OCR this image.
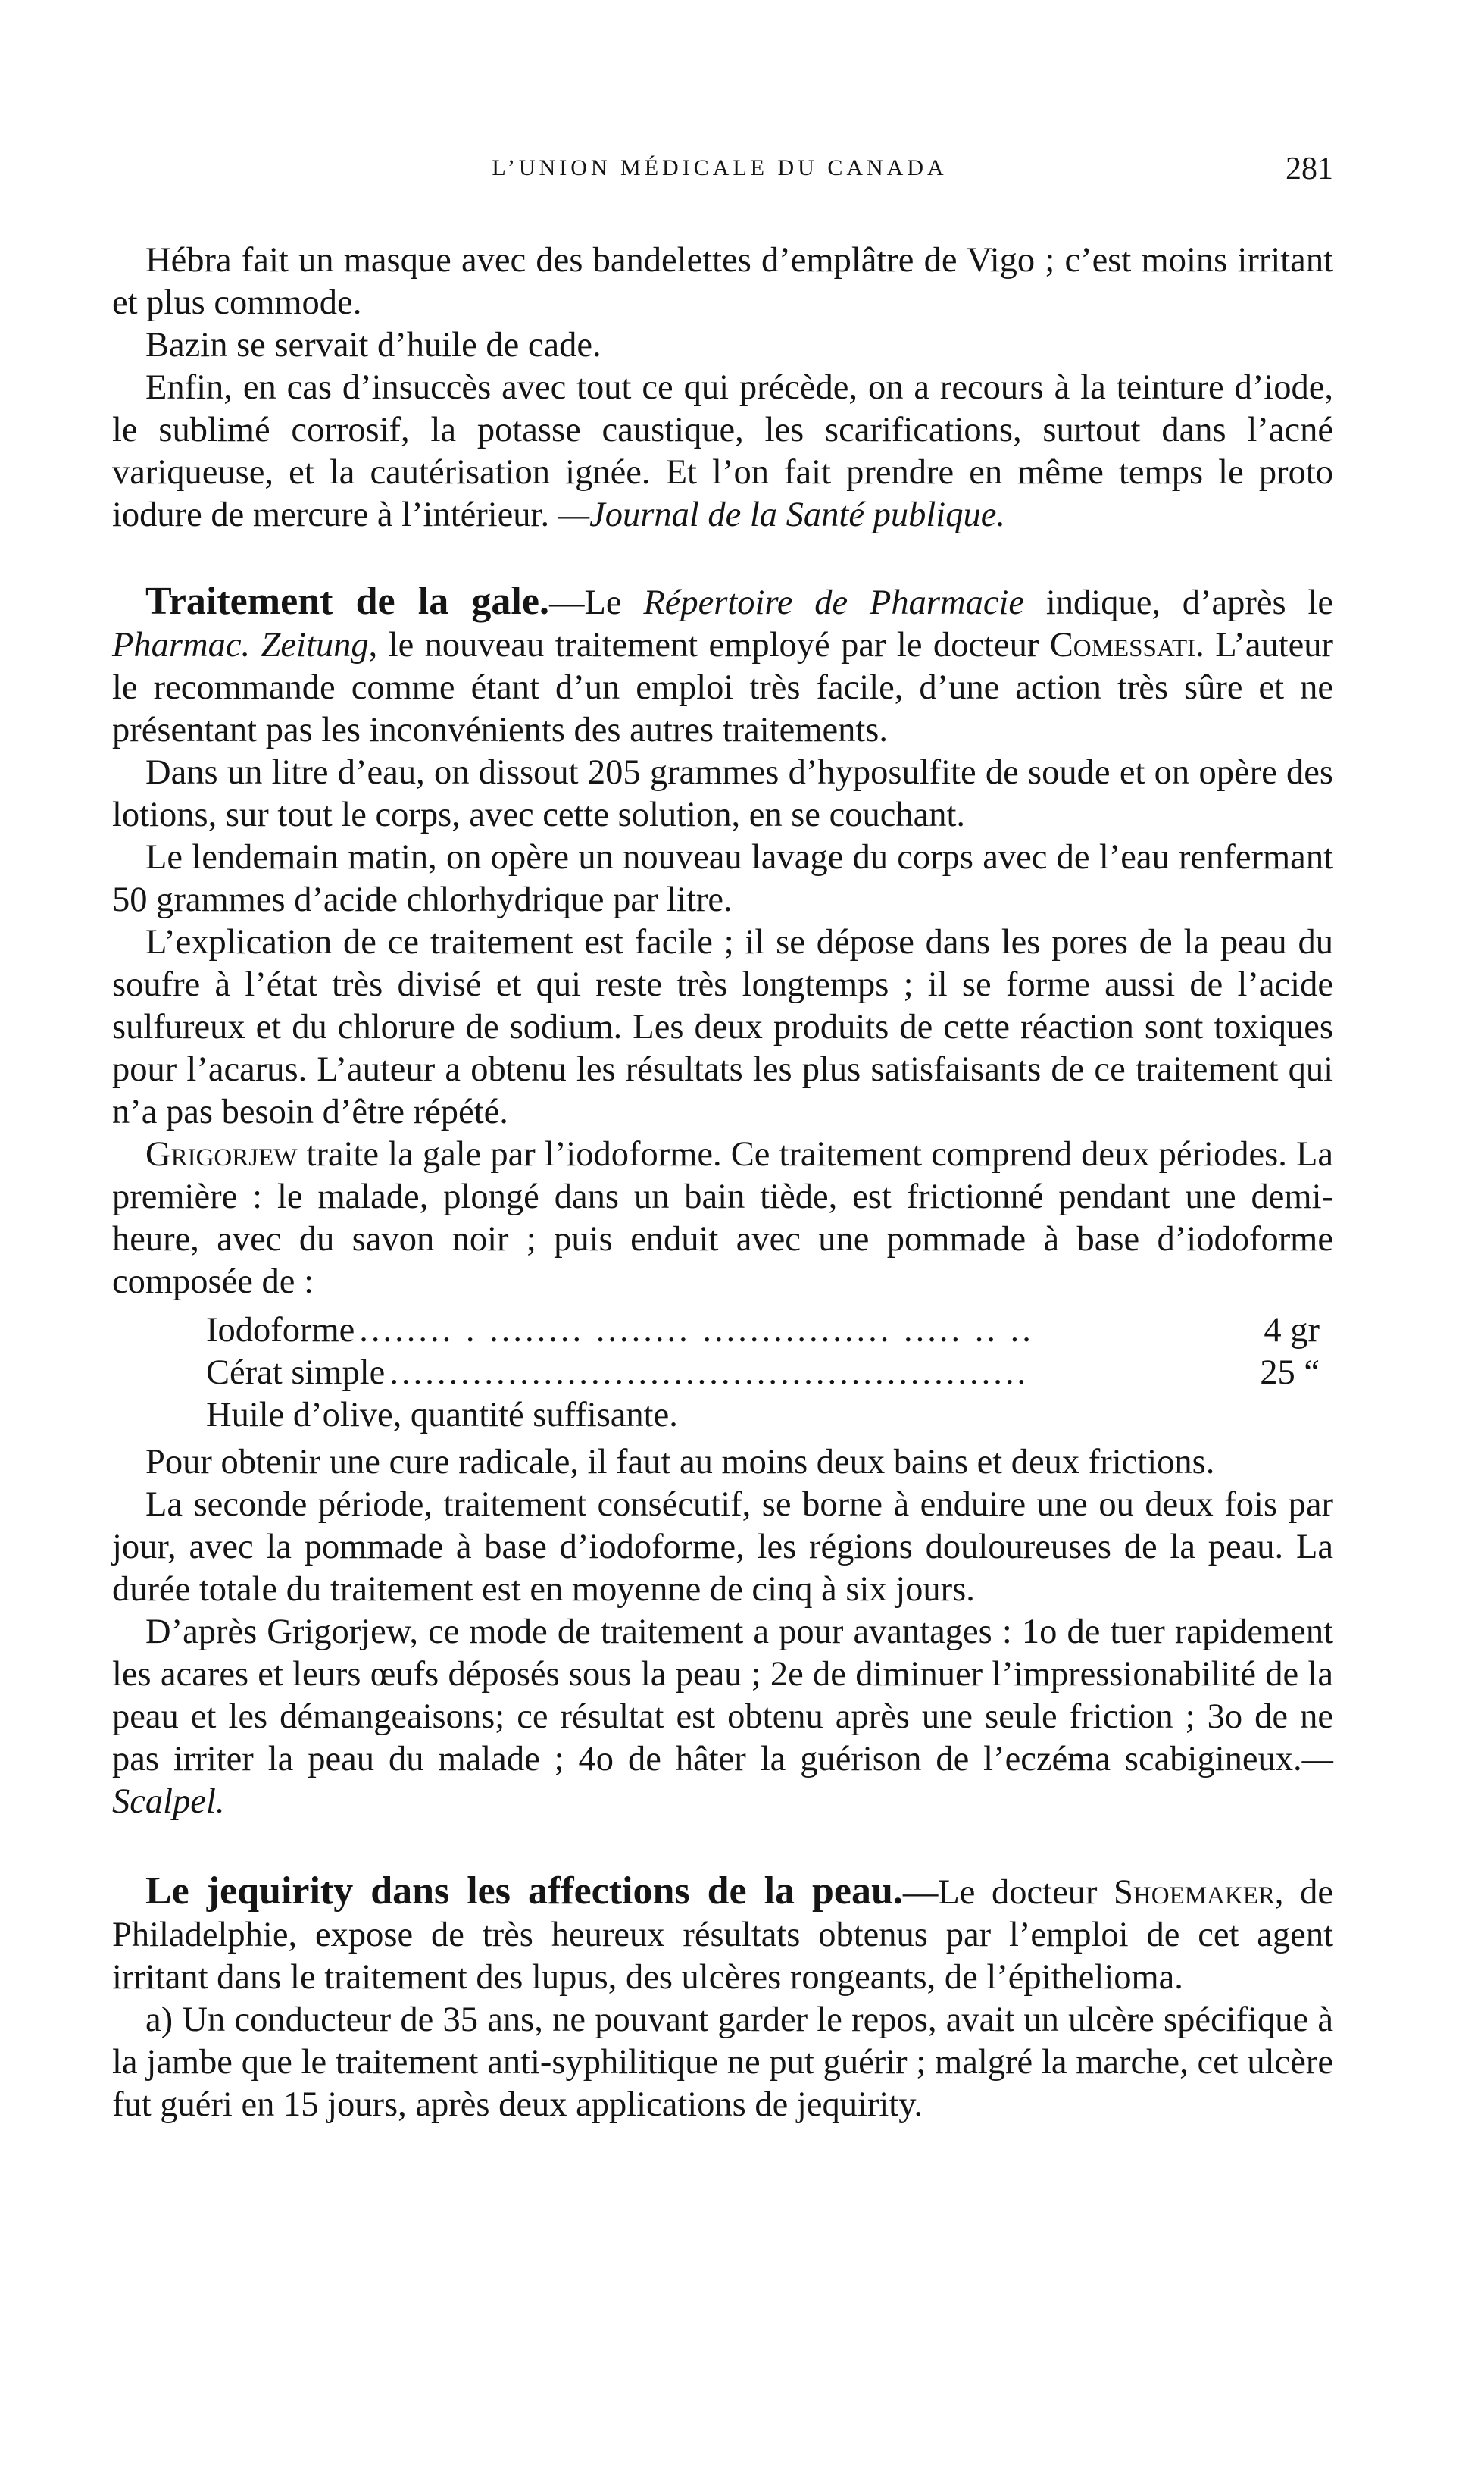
L’UNION MÉDICALE DU CANADA	281

Hébra fait un masque avec des bandelettes d’emplâtre de Vigo ; c’est moins irritant et plus commode.

Bazin se servait d’huile de cade.

Enfin, en cas d’insuccès avec tout ce qui précède, on a recours à la teinture d’iode, le sublimé corrosif, la potasse caustique, les scarifications, surtout dans l’acné variqueuse, et la cautérisation ignée. Et l’on fait prendre en même temps le proto iodure de mercure à l’intérieur. —Journal de la Santé publique.

Traitement de la gale.—Le Répertoire de Pharmacie indique, d’après le Pharmac. Zeitung, le nouveau traitement employé par le docteur Comessati. L’auteur le recommande comme étant d’un emploi très facile, d’une action très sûre et ne présentant pas les inconvénients des autres traitements.

Dans un litre d’eau, on dissout 205 grammes d’hyposulfite de soude et on opère des lotions, sur tout le corps, avec cette solution, en se couchant.

Le lendemain matin, on opère un nouveau lavage du corps avec de l’eau renfermant 50 grammes d’acide chlorhydrique par litre.

L’explication de ce traitement est facile ; il se dépose dans les pores de la peau du soufre à l’état très divisé et qui reste très longtemps ; il se forme aussi de l’acide sulfureux et du chlorure de sodium. Les deux produits de cette réaction sont toxiques pour l’acarus. L’auteur a obtenu les résultats les plus satisfaisants de ce traitement qui n’a pas besoin d’être répété.

Grigorjew traite la gale par l’iodoforme. Ce traitement comprend deux périodes. La première : le malade, plongé dans un bain tiède, est frictionné pendant une demi-heure, avec du savon noir ; puis enduit avec une pommade à base d’iodoforme composée de :

Iodoforme ........ . ........ ........ ................ ..... .. ..	4 gr
Cérat simple ......................................................	25 “
Huile d’olive, quantité suffisante.

Pour obtenir une cure radicale, il faut au moins deux bains et deux frictions.

La seconde période, traitement consécutif, se borne à enduire une ou deux fois par jour, avec la pommade à base d’iodoforme, les régions douloureuses de la peau. La durée totale du traitement est en moyenne de cinq à six jours.

D’après Grigorjew, ce mode de traitement a pour avantages : 1o de tuer rapidement les acares et leurs œufs déposés sous la peau ; 2e de diminuer l’impressionabilité de la peau et les démangeaisons; ce résultat est obtenu après une seule friction ; 3o de ne pas irriter la peau du malade ; 4o de hâter la guérison de l’eczéma scabigineux.—Scalpel.

Le jequirity dans les affections de la peau.—Le docteur Shoemaker, de Philadelphie, expose de très heureux résultats obtenus par l’emploi de cet agent irritant dans le traitement des lupus, des ulcères rongeants, de l’épithelioma.

a) Un conducteur de 35 ans, ne pouvant garder le repos, avait un ulcère spécifique à la jambe que le traitement anti-syphilitique ne put guérir ; malgré la marche, cet ulcère fut guéri en 15 jours, après deux applications de jequirity.
